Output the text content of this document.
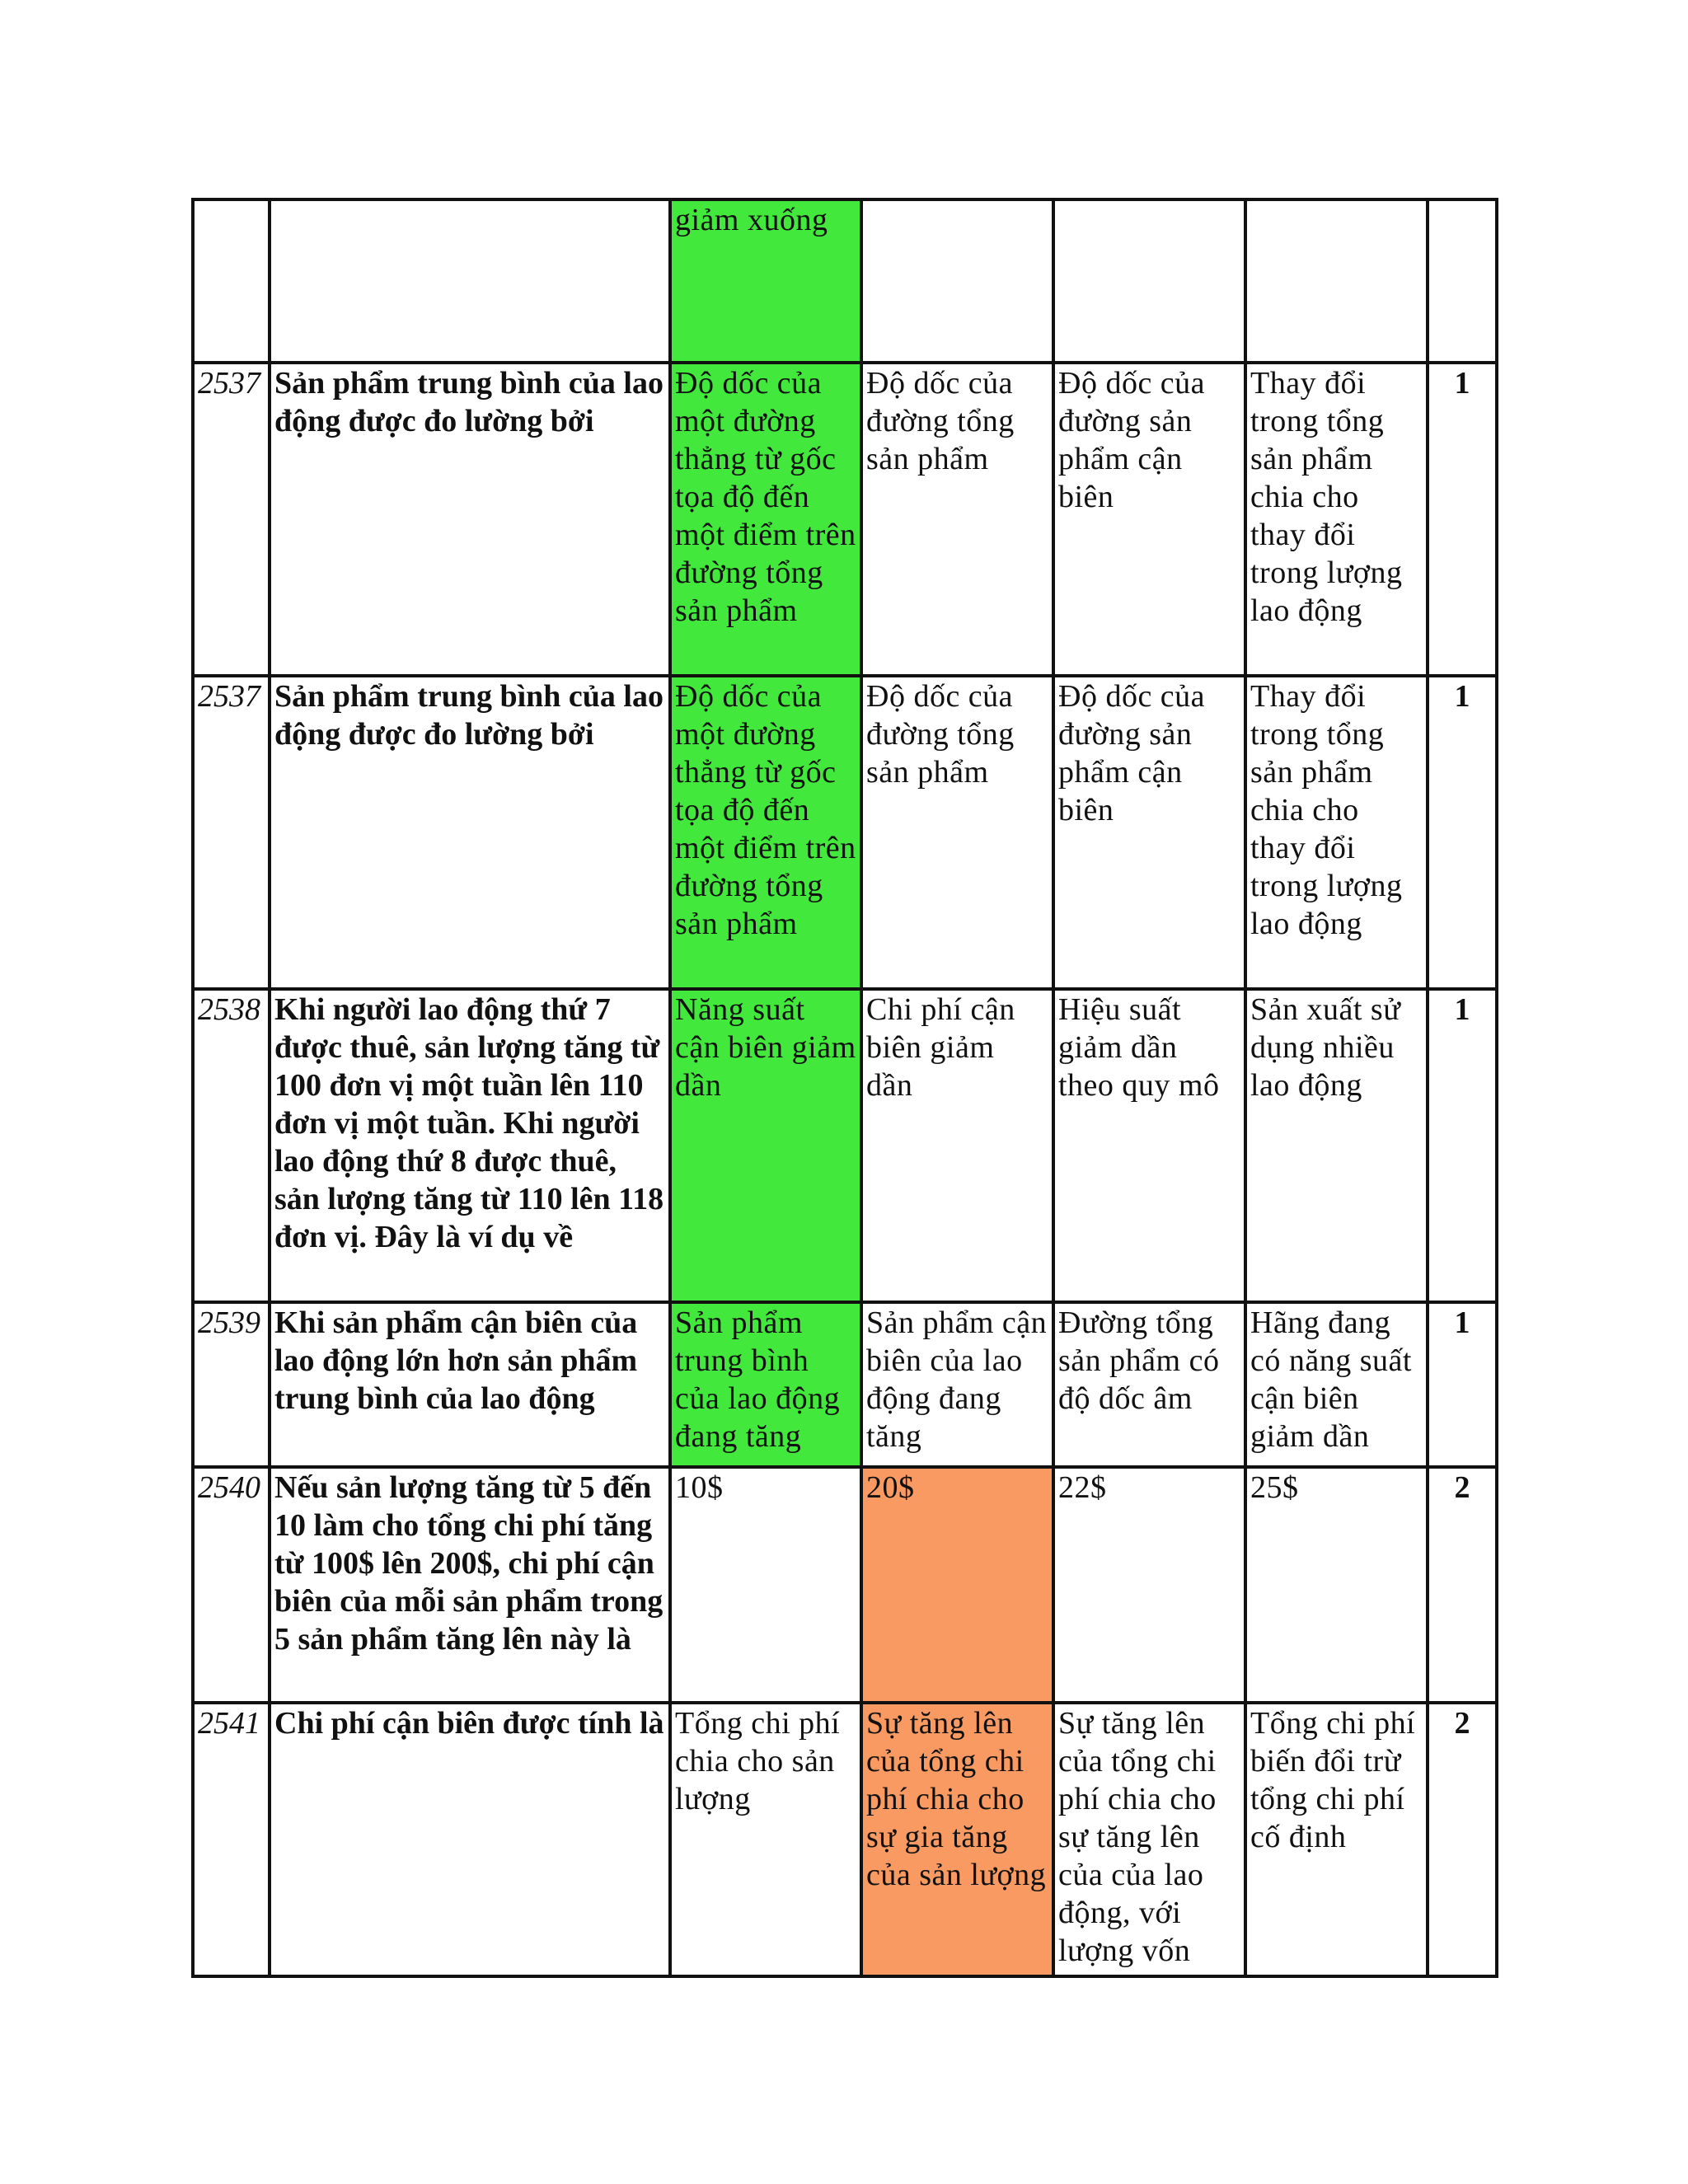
		giảm xuống				
2537	Sản phẩm trung bình của lao động được đo lường bởi	Độ dốc của một đường thẳng từ gốc tọa độ đến một điểm trên đường tổng sản phẩm	Độ dốc của đường tổng sản phẩm	Độ dốc của đường sản phẩm cận biên	Thay đổi trong tổng sản phẩm chia cho thay đổi trong lượng lao động	1
2537	Sản phẩm trung bình của lao động được đo lường bởi	Độ dốc của một đường thẳng từ gốc tọa độ đến một điểm trên đường tổng sản phẩm	Độ dốc của đường tổng sản phẩm	Độ dốc của đường sản phẩm cận biên	Thay đổi trong tổng sản phẩm chia cho thay đổi trong lượng lao động	1
2538	Khi người lao động thứ 7 được thuê, sản lượng tăng từ 100 đơn vị một tuần lên 110 đơn vị một tuần. Khi người lao động thứ 8 được thuê, sản lượng tăng từ 110 lên 118 đơn vị. Đây là ví dụ về	Năng suất cận biên giảm dần	Chi phí cận biên giảm dần	Hiệu suất giảm dần theo quy mô	Sản xuất sử dụng nhiều lao động	1
2539	Khi sản phẩm cận biên của lao động lớn hơn sản phẩm trung bình của lao động	Sản phẩm trung bình của lao động đang tăng	Sản phẩm cận biên của lao động đang tăng	Đường tổng sản phẩm có độ dốc âm	Hãng đang có năng suất cận biên giảm dần	1
2540	Nếu sản lượng tăng từ 5 đến 10 làm cho tổng chi phí tăng từ 100$ lên 200$, chi phí cận biên của mỗi sản phẩm trong 5 sản phẩm tăng lên này là	10$	20$	22$	25$	2
2541	Chi phí cận biên được tính là	Tổng chi phí chia cho sản lượng	Sự tăng lên của tổng chi phí chia cho sự gia tăng của sản lượng	Sự tăng lên của tổng chi phí chia cho sự tăng lên của của lao động, với lượng vốn	Tổng chi phí biến đổi trừ tổng chi phí cố định	2
